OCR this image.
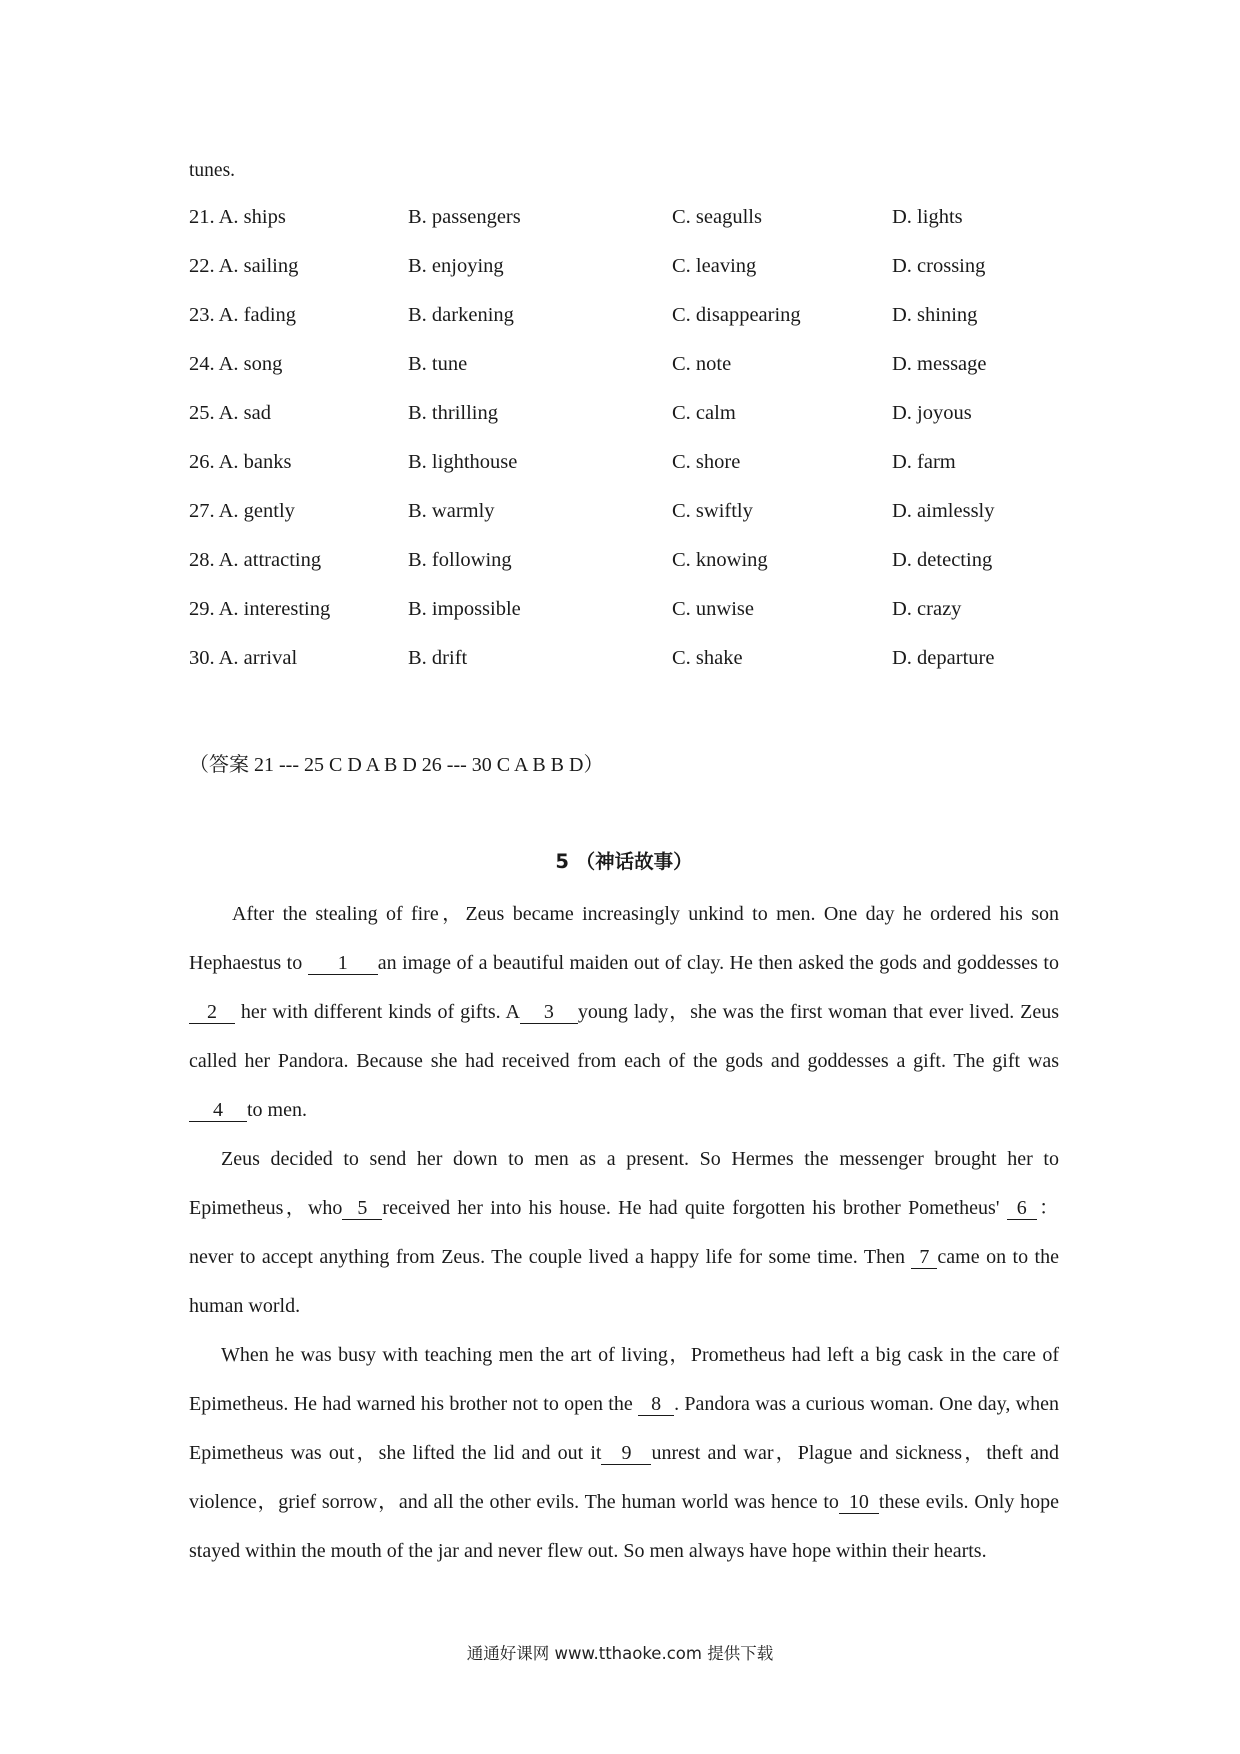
tunes.
21. A. ships	B. passengers	C. seagulls	D. lights
22. A. sailing	B. enjoying	C. leaving	D. crossing
23. A. fading	B. darkening	C. disappearing	D. shining
24. A. song	B. tune	C. note	D. message
25. A. sad	B. thrilling	C. calm	D. joyous
26. A. banks	B. lighthouse	C. shore	D. farm
27. A. gently	B. warmly	C. swiftly	D. aimlessly
28. A. attracting	B. following	C. knowing	D. detecting
29. A. interesting	B. impossible	C. unwise	D. crazy
30. A. arrival	B. drift	C. shake	D. departure
（答案 21 --- 25 C D A B D 26 --- 30 C A B B D）
5 （神话故事）

After the stealing of fire，Zeus became increasingly unkind to men. One day he ordered his son Hephaestus to 1 an image of a beautiful maiden out of clay. He then asked the gods and goddesses to 2 her with different kinds of gifts. A 3 young lady，she was the first woman that ever lived. Zeus called her Pandora. Because she had received from each of the gods and goddesses a gift. The gift was 4 to men.

Zeus decided to send her down to men as a present. So Hermes the messenger brought her to Epimetheus，who 5 received her into his house. He had quite forgotten his brother Pometheus' 6 ：never to accept anything from Zeus. The couple lived a happy life for some time. Then 7 came on to the human world.

When he was busy with teaching men the art of living，Prometheus had left a big cask in the care of Epimetheus. He had warned his brother not to open the 8 . Pandora was a curious woman. One day, when Epimetheus was out，she lifted the lid and out it 9 unrest and war，Plague and sickness，theft and violence，grief sorrow，and all the other evils. The human world was hence to 10 these evils. Only hope stayed within the mouth of the jar and never flew out. So men always have hope within their hearts.

通通好课网 www.tthaoke.com 提供下载
